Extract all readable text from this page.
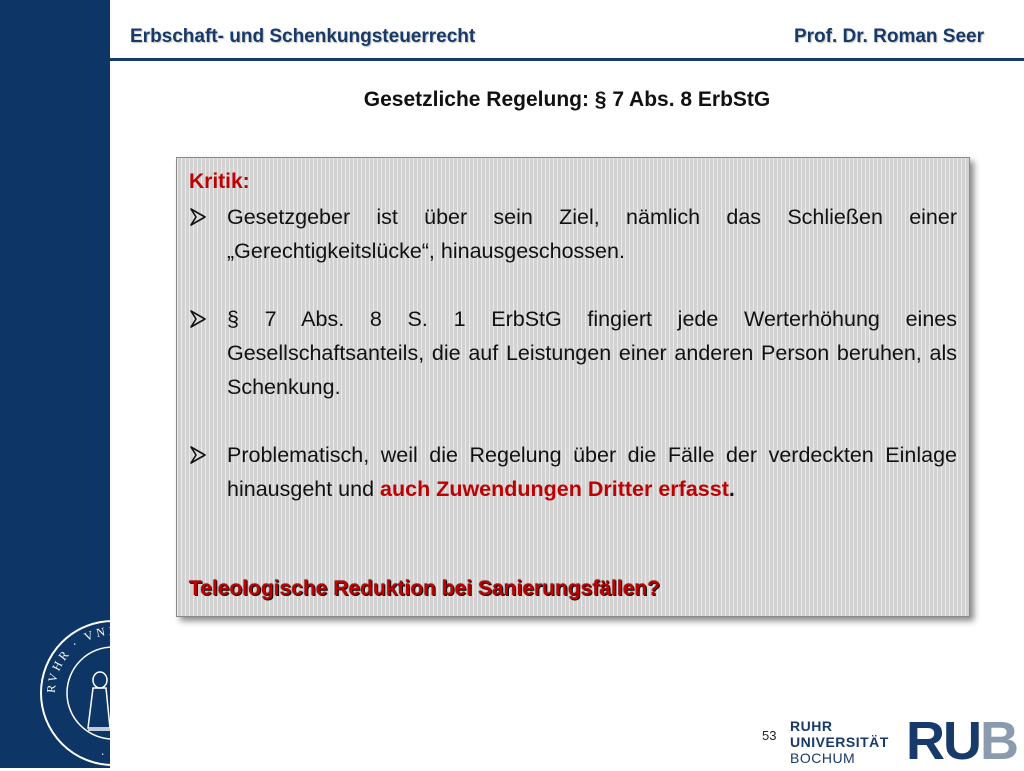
RVHR · VNIVERSITAET · BOCHVM ·
Erbschaft- und Schenkungsteuerrecht	Prof. Dr. Roman Seer
Gesetzliche Regelung: § 7 Abs. 8 ErbStG
Kritik:
Gesetzgeber ist über sein Ziel, nämlich das Schließen einer „Gerechtigkeitslücke“, hinausgeschossen.
§ 7 Abs. 8 S. 1 ErbStG fingiert jede Werterhöhung eines Gesellschaftsanteils, die auf Leistungen einer anderen Person beruhen, als Schenkung.
Problematisch, weil die Regelung über die Fälle der verdeckten Einlage hinausgeht und auch Zuwendungen Dritter erfasst.
Teleologische Reduktion bei Sanierungsfällen?
53
RUHR
UNIVERSITÄT
BOCHUM RUB
